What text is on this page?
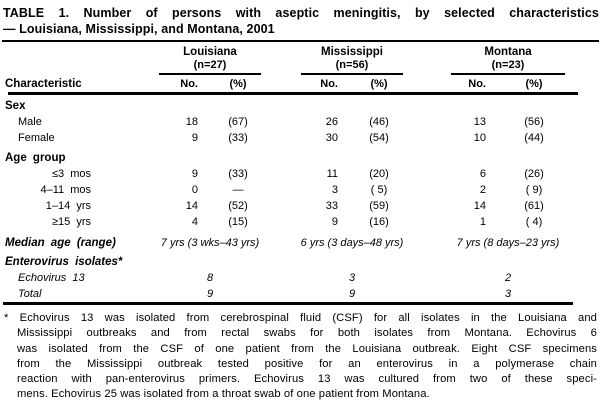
TABLE 1. Number of persons with aseptic meningitis, by selected characteristics
— Louisiana, Mississippi, and Montana, 2001
Louisiana
(n=27)
Mississippi
(n=56)
Montana
(n=23)
Characteristic	No.	(%)	No.	(%)	No.	(%)
Sex
Male	18	(67)	26	(46)	13	(56)
Female	9	(33)	30	(54)	10	(44)
Age group
≤3 mos	9	(33)	11	(20)	6	(26)
4–11 mos	0	—	3	( 5)	2	( 9)
1–14 yrs	14	(52)	33	(59)	14	(61)
≥15 yrs	4	(15)	9	(16)	1	( 4)
Median age (range)	7 yrs (3 wks–43 yrs)	6 yrs (3 days–48 yrs)	7 yrs (8 days–23 yrs)
Enterovirus isolates*
Echovirus 13	8	3	2
Total	9	9	3
* Echovirus 13 was isolated from cerebrospinal fluid (CSF) for all isolates in the Louisiana and
Mississippi outbreaks and from rectal swabs for both isolates from Montana. Echovirus 6
was isolated from the CSF of one patient from the Louisiana outbreak. Eight CSF specimens
from the Mississippi outbreak tested positive for an enterovirus in a polymerase chain
reaction with pan-enterovirus primers. Echovirus 13 was cultured from two of these speci-
mens. Echovirus 25 was isolated from a throat swab of one patient from Montana.
